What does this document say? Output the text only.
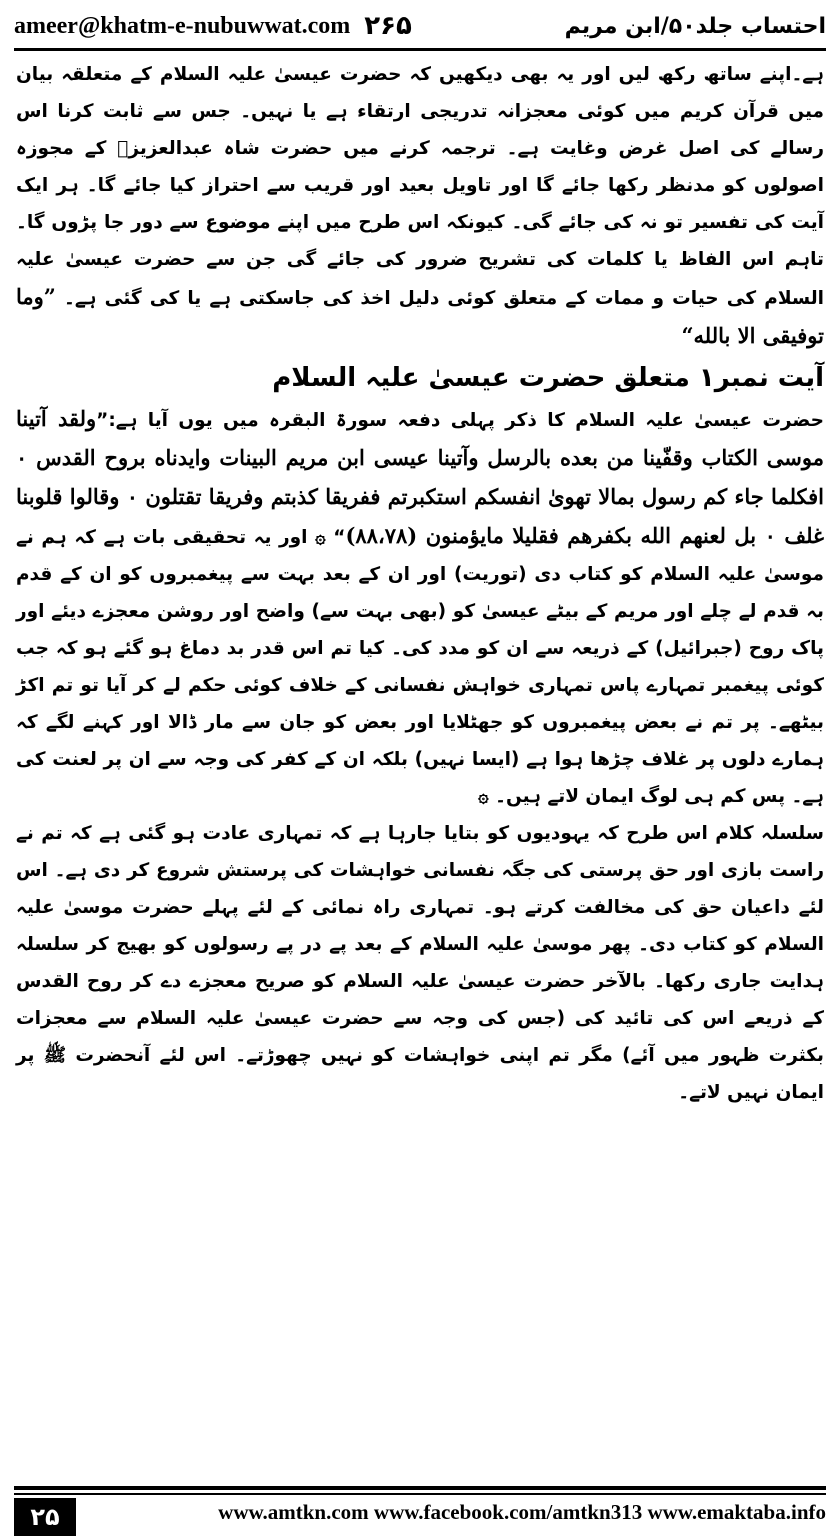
ameer@khatm-e-nubuwwat.com ۲۶۵	احتساب جلد۵۰/ابن مریم

ہے۔اپنے ساتھ رکھ لیں اور یہ بھی دیکھیں کہ حضرت عیسیٰ علیہ السلام کے متعلقہ بیان میں قرآن کریم میں کوئی معجزانہ تدریجی ارتقاء ہے یا نہیں۔ جس سے ثابت کرنا اس رسالے کی اصل غرض وغایت ہے۔ ترجمہ کرنے میں حضرت شاہ عبدالعزیزؒ کے مجوزہ اصولوں کو مدنظر رکھا جائے گا اور تاویل بعید اور قریب سے احتراز کیا جائے گا۔ ہر ایک آیت کی تفسیر تو نہ کی جائے گی۔ کیونکہ اس طرح میں اپنے موضوع سے دور جا پڑوں گا۔ تاہم اس الفاظ یا کلمات کی تشریح ضرور کی جائے گی جن سے حضرت عیسیٰ علیہ السلام کی حیات و ممات کے متعلق کوئی دلیل اخذ کی جاسکتی ہے یا کی گئی ہے۔ ”وما توفیقی الا بالله“

آیت نمبر۱ متعلق حضرت عیسیٰ علیہ السلام

حضرت عیسیٰ علیہ السلام کا ذکر پہلی دفعہ سورۃ البقرہ میں یوں آیا ہے:”ولقد آتینا موسی الکتاب وقفّینا من بعده بالرسل وآتینا عیسی ابن مریم البینات وایدناه بروح القدس ۰ افکلما جاء کم رسول بمالا تهویٰ انفسکم استکبرتم ففریقا کذبتم وفریقا تقتلون ۰ وقالوا قلوبنا غلف ۰ بل لعنهم الله بکفرهم فقلیلا مایؤمنون (۸۸،۷۸)“ ۞ اور یہ تحقیقی بات ہے کہ ہم نے موسیٰ علیہ السلام کو کتاب دی (توریت) اور ان کے بعد بہت سے پیغمبروں کو ان کے قدم بہ قدم لے چلے اور مریم کے بیٹے عیسیٰ کو (بھی بہت سے) واضح اور روشن معجزے دیئے اور پاک روح (جبرائیل) کے ذریعہ سے ان کو مدد کی۔ کیا تم اس قدر بد دماغ ہو گئے ہو کہ جب کوئی پیغمبر تمہارے پاس تمہاری خواہش نفسانی کے خلاف کوئی حکم لے کر آیا تو تم اکڑ بیٹھے۔ پر تم نے بعض پیغمبروں کو جھٹلایا اور بعض کو جان سے مار ڈالا اور کہنے لگے کہ ہمارے دلوں پر غلاف چڑھا ہوا ہے (ایسا نہیں) بلکہ ان کے کفر کی وجہ سے ان پر لعنت کی ہے۔ پس کم ہی لوگ ایمان لاتے ہیں۔ ۞

سلسلہ کلام اس طرح کہ یہودیوں کو بتایا جارہا ہے کہ تمہاری عادت ہو گئی ہے کہ تم نے راست بازی اور حق پرستی کی جگہ نفسانی خواہشات کی پرستش شروع کر دی ہے۔ اس لئے داعیان حق کی مخالفت کرتے ہو۔ تمہاری راہ نمائی کے لئے پہلے حضرت موسیٰ علیہ السلام کو کتاب دی۔ پھر موسیٰ علیہ السلام کے بعد پے در پے رسولوں کو بھیج کر سلسلہ ہدایت جاری رکھا۔ بالآخر حضرت عیسیٰ علیہ السلام کو صریح معجزے دے کر روح القدس کے ذریعے اس کی تائید کی (جس کی وجہ سے حضرت عیسیٰ علیہ السلام سے معجزات بکثرت ظہور میں آئے) مگر تم اپنی خواہشات کو نہیں چھوڑتے۔ اس لئے آنحضرت ﷺ پر ایمان نہیں لاتے۔

۲۵	www.amtkn.com www.facebook.com/amtkn313 www.emaktaba.info
